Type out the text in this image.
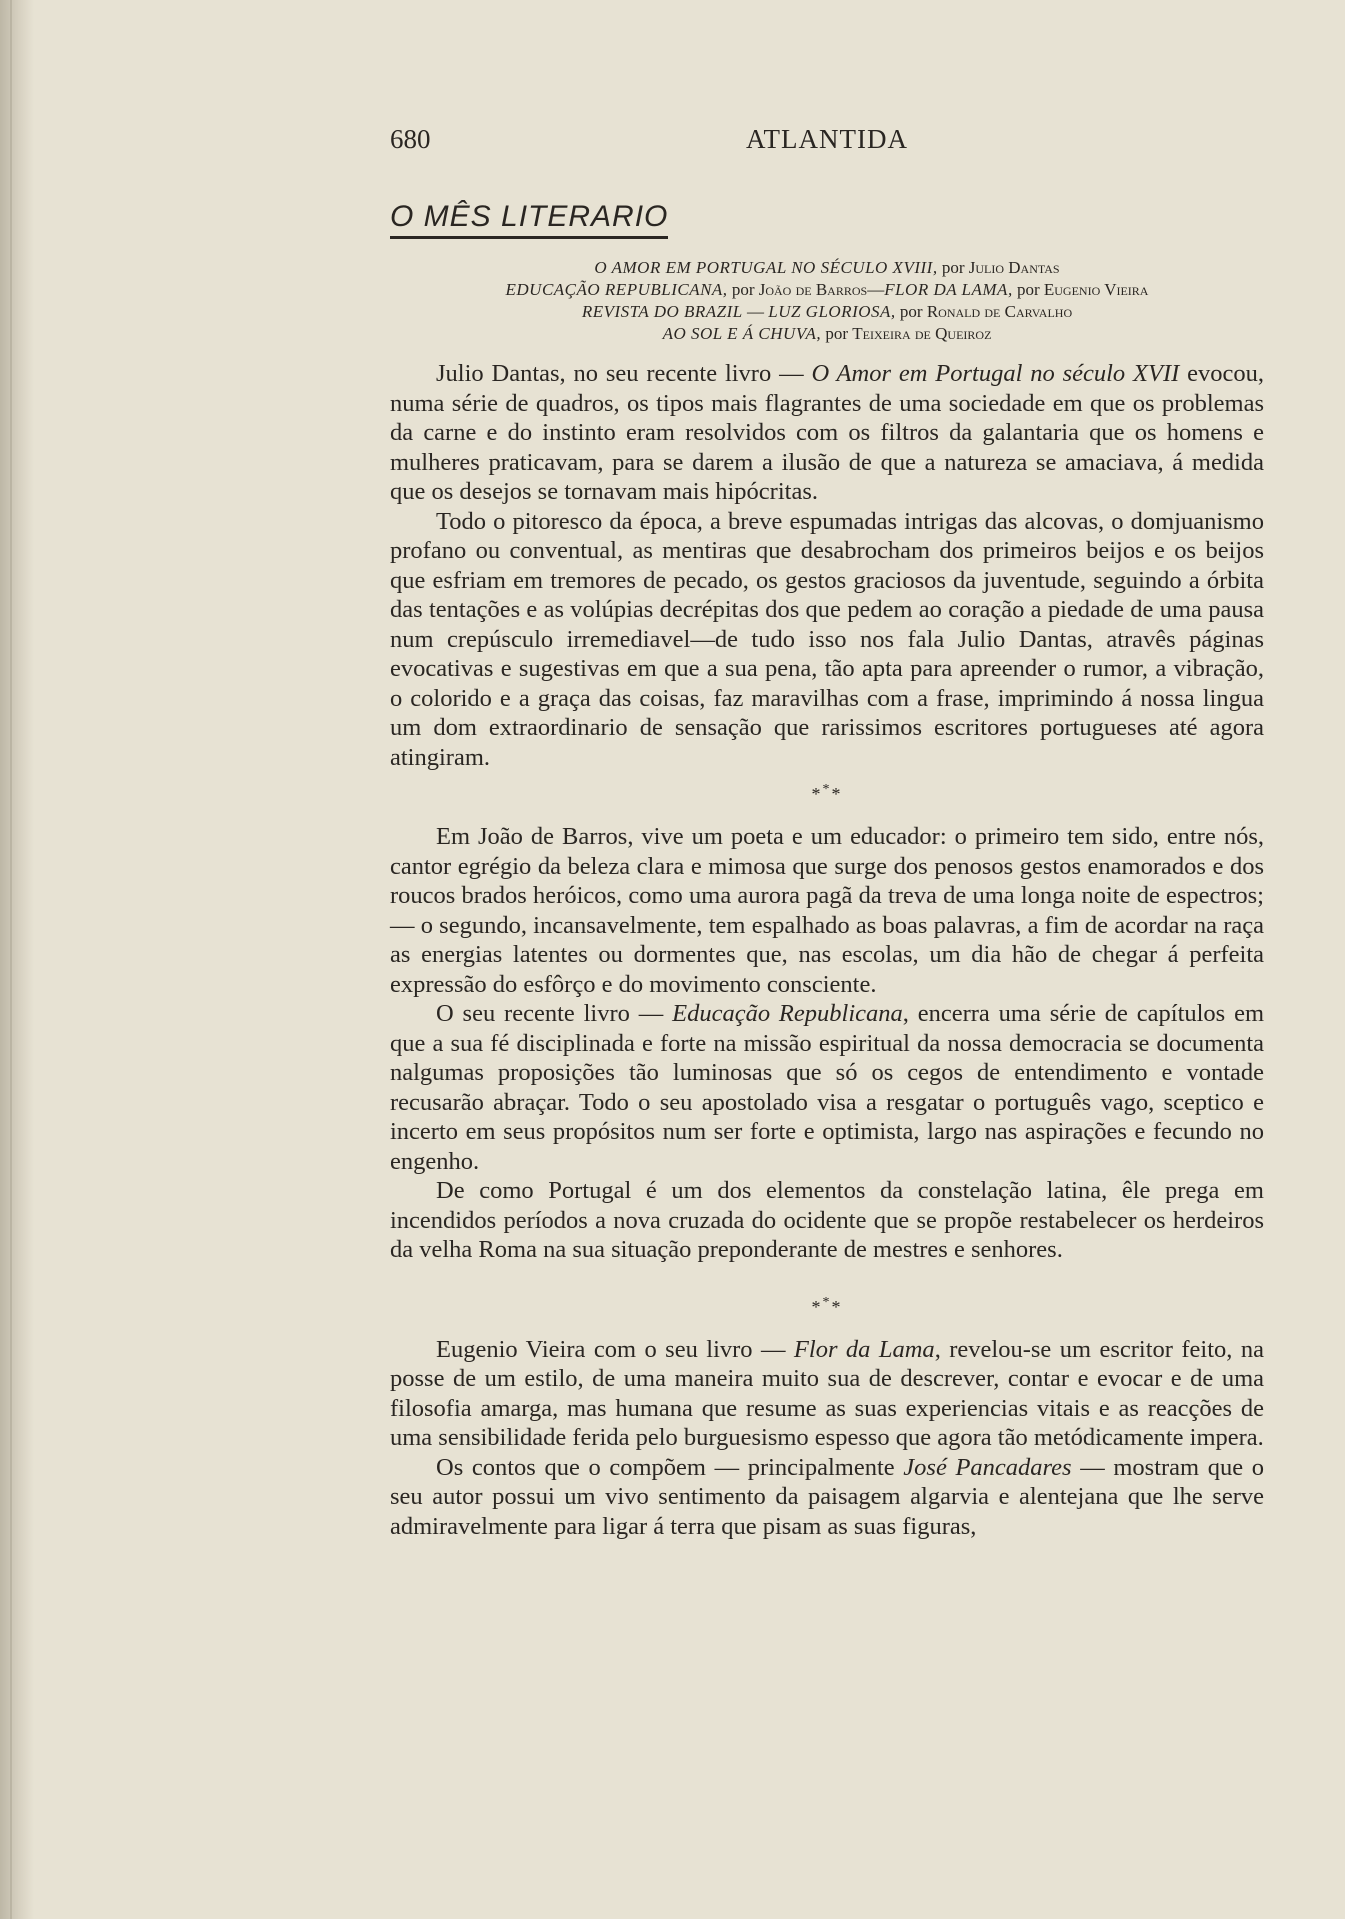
680	ATLANTIDA
O MÊS LITERARIO
O AMOR EM PORTUGAL NO SÉCULO XVIII, por Julio Dantas
EDUCAÇÃO REPUBLICANA, por João de Barros—FLOR DA LAMA, por Eugenio Vieira
REVISTA DO BRAZIL — LUZ GLORIOSA, por Ronald de Carvalho
AO SOL E Á CHUVA, por Teixeira de Queiroz

Julio Dantas, no seu recente livro — O Amor em Portugal no século XVII evocou, numa série de quadros, os tipos mais flagrantes de uma sociedade em que os problemas da carne e do instinto eram resolvidos com os filtros da galantaria que os homens e mulheres praticavam, para se darem a ilusão de que a natureza se amaciava, á medida que os desejos se tornavam mais hipócritas.

Todo o pitoresco da época, a breve espumadas intrigas das alcovas, o domjuanismo profano ou conventual, as mentiras que desabrocham dos primeiros beijos e os beijos que esfriam em tremores de pecado, os gestos graciosos da juventude, seguindo a órbita das tentações e as volúpias decrépitas dos que pedem ao coração a piedade de uma pausa num crepúsculo irremediavel—de tudo isso nos fala Julio Dantas, atravês páginas evocativas e sugestivas em que a sua pena, tão apta para apreender o rumor, a vibração, o colorido e a graça das coisas, faz maravilhas com a frase, imprimindo á nossa lingua um dom extraordinario de sensação que rarissimos escritores portugueses até agora atingiram.

***

Em João de Barros, vive um poeta e um educador: o primeiro tem sido, entre nós, cantor egrégio da beleza clara e mimosa que surge dos penosos gestos enamorados e dos roucos brados heróicos, como uma aurora pagã da treva de uma longa noite de espectros; — o segundo, incansavelmente, tem espalhado as boas palavras, a fim de acordar na raça as energias latentes ou dormentes que, nas escolas, um dia hão de chegar á perfeita expressão do esfôrço e do movimento consciente.

O seu recente livro — Educação Republicana, encerra uma série de capítulos em que a sua fé disciplinada e forte na missão espiritual da nossa democracia se documenta nalgumas proposições tão luminosas que só os cegos de entendimento e vontade recusarão abraçar. Todo o seu apostolado visa a resgatar o português vago, sceptico e incerto em seus propósitos num ser forte e optimista, largo nas aspirações e fecundo no engenho.

De como Portugal é um dos elementos da constelação latina, êle prega em incendidos períodos a nova cruzada do ocidente que se propõe restabelecer os herdeiros da velha Roma na sua situação preponderante de mestres e senhores.

***

Eugenio Vieira com o seu livro — Flor da Lama, revelou-se um escritor feito, na posse de um estilo, de uma maneira muito sua de descrever, contar e evocar e de uma filosofia amarga, mas humana que resume as suas experiencias vitais e as reacções de uma sensibilidade ferida pelo burguesismo espesso que agora tão metódicamente impera.

Os contos que o compõem — principalmente José Pancadares — mostram que o seu autor possui um vivo sentimento da paisagem algarvia e alentejana que lhe serve admiravelmente para ligar á terra que pisam as suas figuras,
